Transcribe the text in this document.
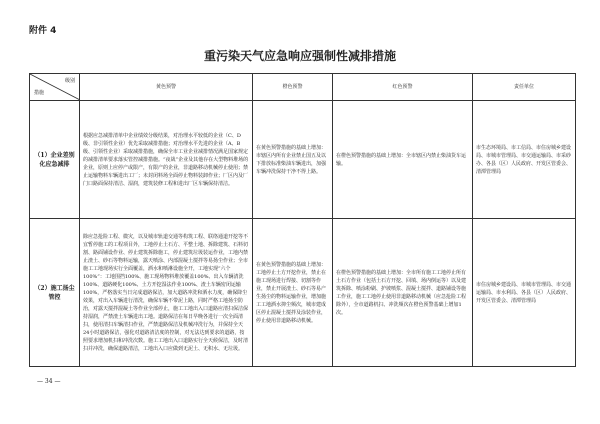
附件 4
重污染天气应急响应强制性减排措施
级别
措施	黄色预警	橙色预警	红色预警	责任单位
（1）企业差别化应急减排	根据应急减排清单中企业绩效分级结果，对治理水平较低的企业（C、D级、非引领性企业）优先采取减排措施；对治理水平先进的企业（A、B级、引领性企业）采取减排措施，确保全市工业企业减排情况满足国家规定的减排清单要求落实管控减排措施。“夜战”企业及其他存在大型物料堆场的企业，原则上应停产或限产，有限产的企业，非道路移动机械停止使用；禁止运输物料车辆进出工厂；未封闭料场全面停止物料装卸作业；厂区内及厂门口路面保持清洁、湿润，建筑装修工程和进出厂区车辆保持清洁。	在黄色预警措施的基础上增加：市辖区内所有企业禁止国五及以下排放标准柴油车辆进出，加强车辆冲洗保持干净不得上路。	在橙色预警措施的基础上增加：全市辖区内禁止柴油货车运输。	市生态环境局、市工信局、市住房城乡建设局、市城市管理局、市交通运输局、市采砂办、各县（区）人民政府、开发区管委会、清潭管理局
（2）施工扬尘管控	除应急抢险工程、微灾，以及城市轨道交通等构筑工程、联络通道开挖等不宜暂停施工的工程项目外，工地停止土石方、平整土地、拆除建筑、石料切割、路面铺设作业、停止建筑拆除施工，停止建筑垃圾装运作业，工地内禁止渣土、砂石等物料运输，露天喷涂、内部混凝土搅拌等易扬尘作业；全市施工工地现场实行全面覆盖，洒水和喷淋设施全开，工地实现“六个100%”：工地围挡100%、施工现场物料堆放覆盖100%、出入车辆清洗100%、道路硬化100%、土方开挖湿法作业100%、渣土车辆密闭运输100%，严格落实当日完成道路保洁，加大道路冲洗和洒水力度，确保降尘效果，对出入车辆进行清洗，确保车辆不带泥上路，同时严格工地扬尘防治，对露天搅拌混凝土等作业全部停止，施工工地出入口道路应清扫保洁保持湿润，严禁渣土车辆进出工地。道路保洁在每日早晚各进行一次全面清扫，使用清扫车辆清扫作业，严禁道路保洁及机械冲洗行为，并保持全天24小时道路保洁，强化对道路清洁度的控制，对无法达到要求的道路，按照要求增加机扫和冲洗次数。施工工地出入口道路实行全天候保洁，及时清扫并冲洗，确保道路清洁，工地出入口应做到无泥土、无积水、无垃圾。	在黄色预警措施的基础上增加：工地停止土方开挖作业，禁止在施工现场进行焊接、切割等作业，禁止开展渣土、砂石等易产生扬尘的物料运输作业，增加施工工地洒水抑尘频次，城市建成区停止混凝土搅拌及涂装作业，停止使用非道路移动机械。	在橙色预警措施的基础上增加：全市所有施工工地停止所有土石方作业（包括土石方开挖、回填、场内倒运等）以及建筑拆除、喷涂粉刷、护坡喷浆、混凝土搅拌、道路铺设等施工作业，施工工地停止使用非道路移动机械（应急抢险工程除外），全市道路机扫、冲洗频次在橙色预警基础上增加1次。	市住房城乡建设局、市城市管理局、市交通运输局、市水利局、各县（区）人民政府、开发区管委会、清潭管理局
— 34 —
